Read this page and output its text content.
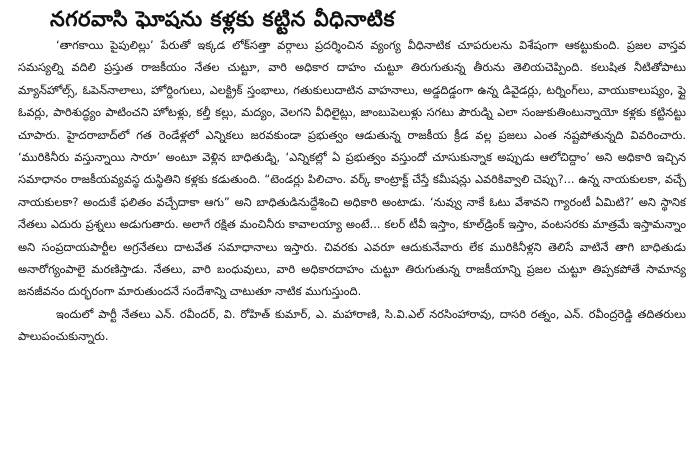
నగరవాసి ఘోషను కళ్లకు కట్టిన వీధినాటిక

‘తాగకాయి పైపులిల్లు’ పేరుతో ఇక్కడ లోక్‌సత్తా వర్గాలు ప్రదర్శించిన వ్యంగ్య వీధినాటిక చూపరులను విశేషంగా ఆకట్టుకుంది. ప్రజల వాస్తవ సమస్యల్ని వదిలి ప్రస్తుత రాజకీయం నేతల చుట్టూ, వారి అధికార దాహం చుట్టూ తిరుగుతున్న తీరును తెలియచెప్పింది. కలుషిత నీటితోపాటు మ్యాన్‌హోల్స్, ఓపెన్‌నాలాలు, హోర్డింగులు, ఎలక్ట్రిక్ స్తంభాలు, గతుకులుదాటిన వాహనాలు, అడ్డదిడ్డంగా ఉన్న డివైడర్లు, టర్నింగ్‌లు, వాయుకాలుష్యం, ఫ్లై ఓవర్లు, పారిశుద్ధ్యం పాటించని హోటళ్లు, కల్తీ కల్లు, మద్యం, వెలగని వీధిలైట్లు, జాంబుపెలుళ్లు సగటు పౌరుడ్ని ఎలా సంజుకుతింటున్నాయో కళ్లకు కట్టినట్టు చూపారు. హైదరాబాద్‌లో గత రెండేళ్లలో ఎన్నికలు జరవకుండా ప్రభుత్వం ఆడుతున్న రాజకీయ క్రీడ వల్ల ప్రజలు ఎంత నష్టపోతున్నది వివరించారు. ‘మురికినీరు వస్తున్నాయి సారూ’ అంటూ వెళ్లిన బాధితుడ్ని, ‘ఎన్నికల్లో ఏ ప్రభుత్వం వస్తుందో చూసుకున్నాక అప్పుడు ఆలోచిద్దాం’ అని అధికారి ఇచ్చిన సమాధానం రాజకీయవ్యవస్థ దుస్థితిని కళ్లకు కడుతుంది. “టెండర్లు పిలిచాం. వర్క్ కాంట్రాక్ట్ చేస్తే కమీషన్లు ఎవరికివ్వాలి చెప్పు?... ఉన్న నాయకులకా, వచ్చే నాయకులకా? అందుకే ఫలితం వచ్చేదాకా ఆగు” అని బాధితుడినుద్దేశించి అధికారి అంటాడు. ‘నువ్వు నాకే ఓటు వేశావని గ్యారంటీ ఏమిటి?’ అని స్థానిక నేతలు ఎదురు ప్రశ్నలు అడుగుతారు. అలాగే రక్షిత మంచినీరు కావాలయ్యా అంటే... కలర్ టీవీ ఇస్తాం, కూల్‌డ్రింక్ ఇస్తాం, వంటసరకు మాత్రమే ఇస్తామన్నాం అని సంప్రదాయపార్టీల అగ్రనేతలు దాటవేత సమాధానాలు ఇస్తారు. చివరకు ఎవరూ ఆదుకునేవారు లేక మురికినీళ్లని తెలిసే వాటినే తాగి బాధితుడు అనారోగ్యంపాలై మరణిస్తాడు. నేతలు, వారి బంధువులు, వారి అధికారదాహం చుట్టూ తిరుగుతున్న రాజకీయాన్ని ప్రజల చుట్టూ తిప్పకపోతే సామాన్య జనజీవనం దుర్భరంగా మారుతుందనే సందేశాన్ని చాటుతూ నాటిక ముగుస్తుంది.

ఇందులో పార్టీ నేతలు ఎన్. రవీందర్, వి. రోహిత్ కుమార్, ఎ. మహారాణి, సి.వి.ఎల్ నరసింహారావు, దాసరి రత్నం, ఎన్. రవీంద్రరెడ్డి తదితరులు పాలుపంచుకున్నారు.
